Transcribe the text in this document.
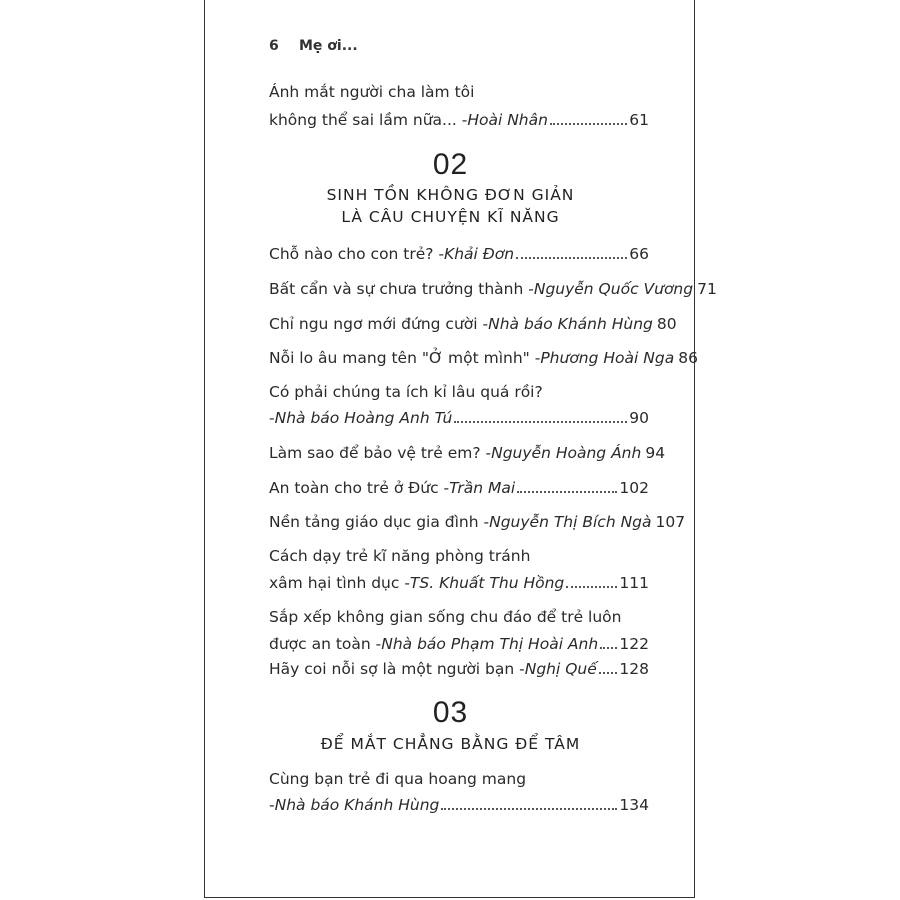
6 Mẹ ơi...
Ánh mắt người cha làm tôi
không thể sai lầm nữa... - Hoài Nhân	61
02
SINH TỒN KHÔNG ĐƠN GIẢN
LÀ CÂU CHUYỆN KĨ NĂNG
Chỗ nào cho con trẻ? - Khải Đơn	66
Bất cẩn và sự chưa trưởng thành - Nguyễn Quốc Vương 71
Chỉ ngu ngơ mới đứng cười - Nhà báo Khánh Hùng 80
Nỗi lo âu mang tên "Ở một mình" - Phương Hoài Nga 86
Có phải chúng ta ích kỉ lâu quá rồi?
- Nhà báo Hoàng Anh Tú	90
Làm sao để bảo vệ trẻ em? - Nguyễn Hoàng Ánh 94
An toàn cho trẻ ở Đức - Trần Mai	102
Nền tảng giáo dục gia đình - Nguyễn Thị Bích Ngà 107
Cách dạy trẻ kĩ năng phòng tránh
xâm hại tình dục - TS. Khuất Thu Hồng	111
Sắp xếp không gian sống chu đáo để trẻ luôn
được an toàn - Nhà báo Phạm Thị Hoài Anh 122
Hãy coi nỗi sợ là một người bạn - Nghị Quế 128
03
ĐỂ MẮT CHẲNG BẰNG ĐỂ TÂM
Cùng bạn trẻ đi qua hoang mang
- Nhà báo Khánh Hùng	134
